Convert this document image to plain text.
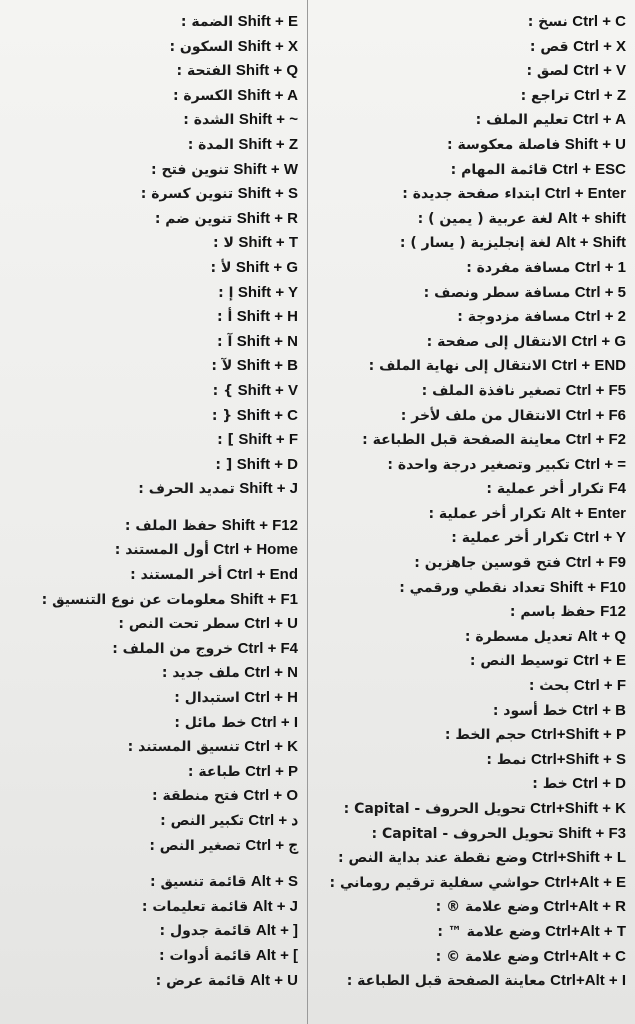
Shift + E الضمة :
Shift + X السكون :
Shift + Q الفتحة :
Shift + A الكسرة :
Shift + ~ الشدة :
Shift + Z المدة :
Shift + W تنوين فتح :
Shift + S تنوين كسرة :
Shift + R تنوين ضم :
Shift + T لا :
Shift + G لأ :
Shift + Y إ :
Shift + H أ :
Shift + N آ :
Shift + B لآ :
Shift + V } :
Shift + C { :
Shift + F ] :
Shift + D [ :
Shift + J تمديد الحرف :
Shift + F12 حفظ الملف :
Ctrl + Home أول المستند :
Ctrl + End أخر المستند :
Shift + F1 معلومات عن نوع التنسيق :
Ctrl + U سطر تحت النص :
Ctrl + F4 خروج من الملف :
Ctrl + N ملف جديد :
Ctrl + H استبدال :
Ctrl + I خط مائل :
Ctrl + K تنسيق المستند :
Ctrl + P طباعة :
Ctrl + O فتح منطقة :
Ctrl + د تكبير النص :
Ctrl + ج تصغير النص :
Alt + S قائمة تنسيق :
Alt + J قائمة تعليمات :
Alt + ] قائمة جدول :
Alt + [ قائمة أدوات :
Alt + U قائمة عرض :
Ctrl + C نسخ :
Ctrl + X قص :
Ctrl + V لصق :
Ctrl + Z تراجع :
Ctrl + A تعليم الملف :
Shift + U فاصلة معكوسة :
Ctrl + ESC قائمة المهام :
Ctrl + Enter ابتداء صفحة جديدة :
Alt + shift لغة عربية ( يمين ) :
Alt + Shift لغة إنجليزية ( يسار ) :
Ctrl + 1 مسافة مفردة :
Ctrl + 5 مسافة سطر ونصف :
Ctrl + 2 مسافة مزدوجة :
Ctrl + G الانتقال إلى صفحة :
Ctrl + END الانتقال إلى نهاية الملف :
Ctrl + F5 تصغير نافذة الملف :
Ctrl + F6 الانتقال من ملف لأخر :
Ctrl + F2 معاينة الصفحة قبل الطباعة :
Ctrl + = تكبير وتصغير درجة واحدة :
F4 تكرار أخر عملية :
Alt + Enter تكرار أخر عملية :
Ctrl + Y تكرار أخر عملية :
Ctrl + F9 فتح قوسين جاهزين :
Shift + F10 تعداد نقطي ورقمي :
F12 حفظ باسم :
Alt + Q تعديل مسطرة :
Ctrl + E توسيط النص :
Ctrl + F بحث :
Ctrl + B خط أسود :
Ctrl+Shift + P حجم الخط :
Ctrl+Shift + S نمط :
Ctrl + D خط :
Ctrl+Shift + K تحويل الحروف - Capital :
Shift + F3 تحويل الحروف - Capital :
Ctrl+Shift + L وضع نقطة عند بداية النص :
Ctrl+Alt + E حواشي سفلية ترقيم روماني :
Ctrl+Alt + R وضع علامة ® :
Ctrl+Alt + T وضع علامة ™ :
Ctrl+Alt + C وضع علامة © :
Ctrl+Alt + I معاينة الصفحة قبل الطباعة :
